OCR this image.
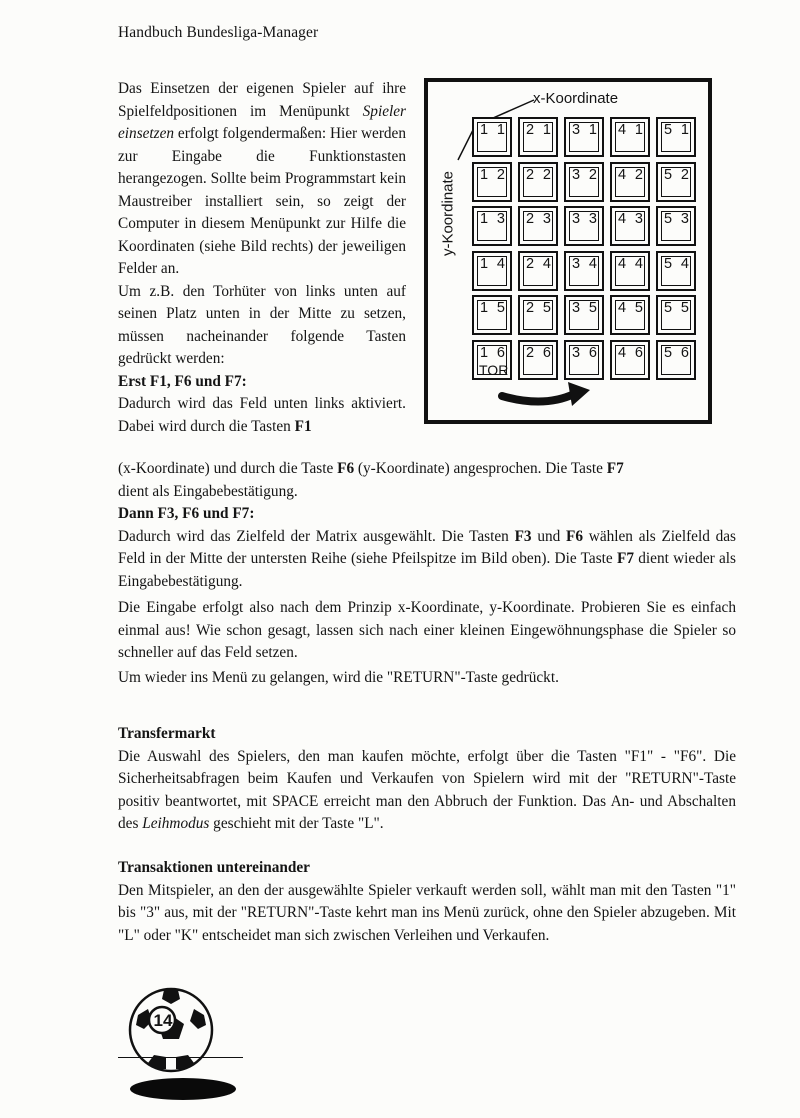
Handbuch Bundesliga-Manager

Das Einsetzen der eigenen Spieler auf ihre Spielfeldpositionen im Menüpunkt Spieler einsetzen erfolgt folgendermaßen: Hier werden zur Eingabe die Funktionstasten herangezogen. Sollte beim Programmstart kein Maustreiber installiert sein, so zeigt der Computer in diesem Menüpunkt zur Hilfe die Koordinaten (siehe Bild rechts) der jeweiligen Felder an.

Um z.B. den Torhüter von links unten auf seinen Platz unten in der Mitte zu setzen, müssen nacheinander folgende Tasten gedrückt werden:

Erst F1, F6 und F7:

Dadurch wird das Feld unten links aktiviert. Dabei wird durch die Tasten F1

x-Koordinate
y-Koordinate
1 1 2 1 3 1 4 1 5 1
1 2 2 2 3 2 4 2 5 2
1 3 2 3 3 3 4 3 5 3
1 4 2 4 3 4 4 4 5 4
1 5 2 5 3 5 4 5 5 5
1 6
TOR
2 6 3 6 4 6 5 6

(x-Koordinate) und durch die Taste F6 (y-Koordinate) angesprochen. Die Taste F7

dient als Eingabebestätigung.

Dann F3, F6 und F7:

Dadurch wird das Zielfeld der Matrix ausgewählt. Die Tasten F3 und F6 wählen als Zielfeld das Feld in der Mitte der untersten Reihe (siehe Pfeilspitze im Bild oben). Die Taste F7 dient wieder als Eingabebestätigung.

Die Eingabe erfolgt also nach dem Prinzip x-Koordinate, y-Koordinate. Probieren Sie es einfach einmal aus! Wie schon gesagt, lassen sich nach einer kleinen Eingewöhnungsphase die Spieler so schneller auf das Feld setzen.

Um wieder ins Menü zu gelangen, wird die "RETURN"-Taste gedrückt.

Transfermarkt

Die Auswahl des Spielers, den man kaufen möchte, erfolgt über die Tasten "F1" - "F6". Die Sicherheitsabfragen beim Kaufen und Verkaufen von Spielern wird mit der "RETURN"-Taste positiv beantwortet, mit SPACE erreicht man den Abbruch der Funktion. Das An- und Abschalten des Leihmodus geschieht mit der Taste "L".

Transaktionen untereinander

Den Mitspieler, an den der ausgewählte Spieler verkauft werden soll, wählt man mit den Tasten "1" bis "3" aus, mit der "RETURN"-Taste kehrt man ins Menü zurück, ohne den Spieler abzugeben. Mit "L" oder "K" entscheidet man sich zwischen Verleihen und Verkaufen.

14
